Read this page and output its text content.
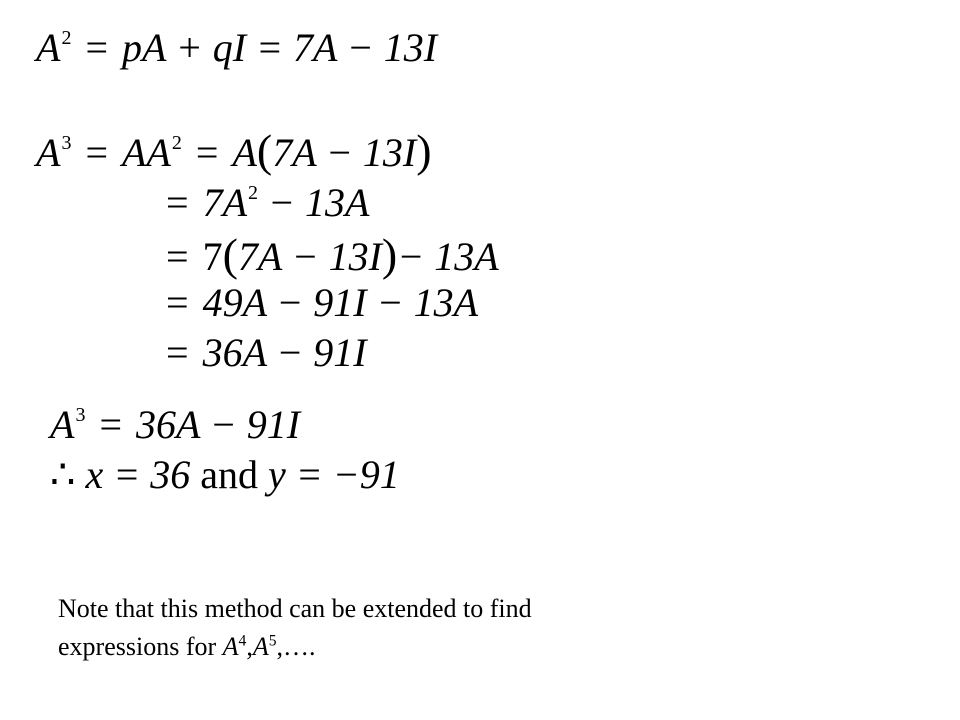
$A^2$ = pA + qI = 7A − 13I
$A^3 = AA^2 = A(7A - 13I)$
= $7A^2 - 13A$
= 7(7A − 13I)− 13A
= 49A − 91I − 13A
= 36A − 91I
$A^3 = 36A - 91I$
∴ x = 36 and y = −91
Note that this method can be extended to find
expressions for $A^4,A^5,\dots$.
